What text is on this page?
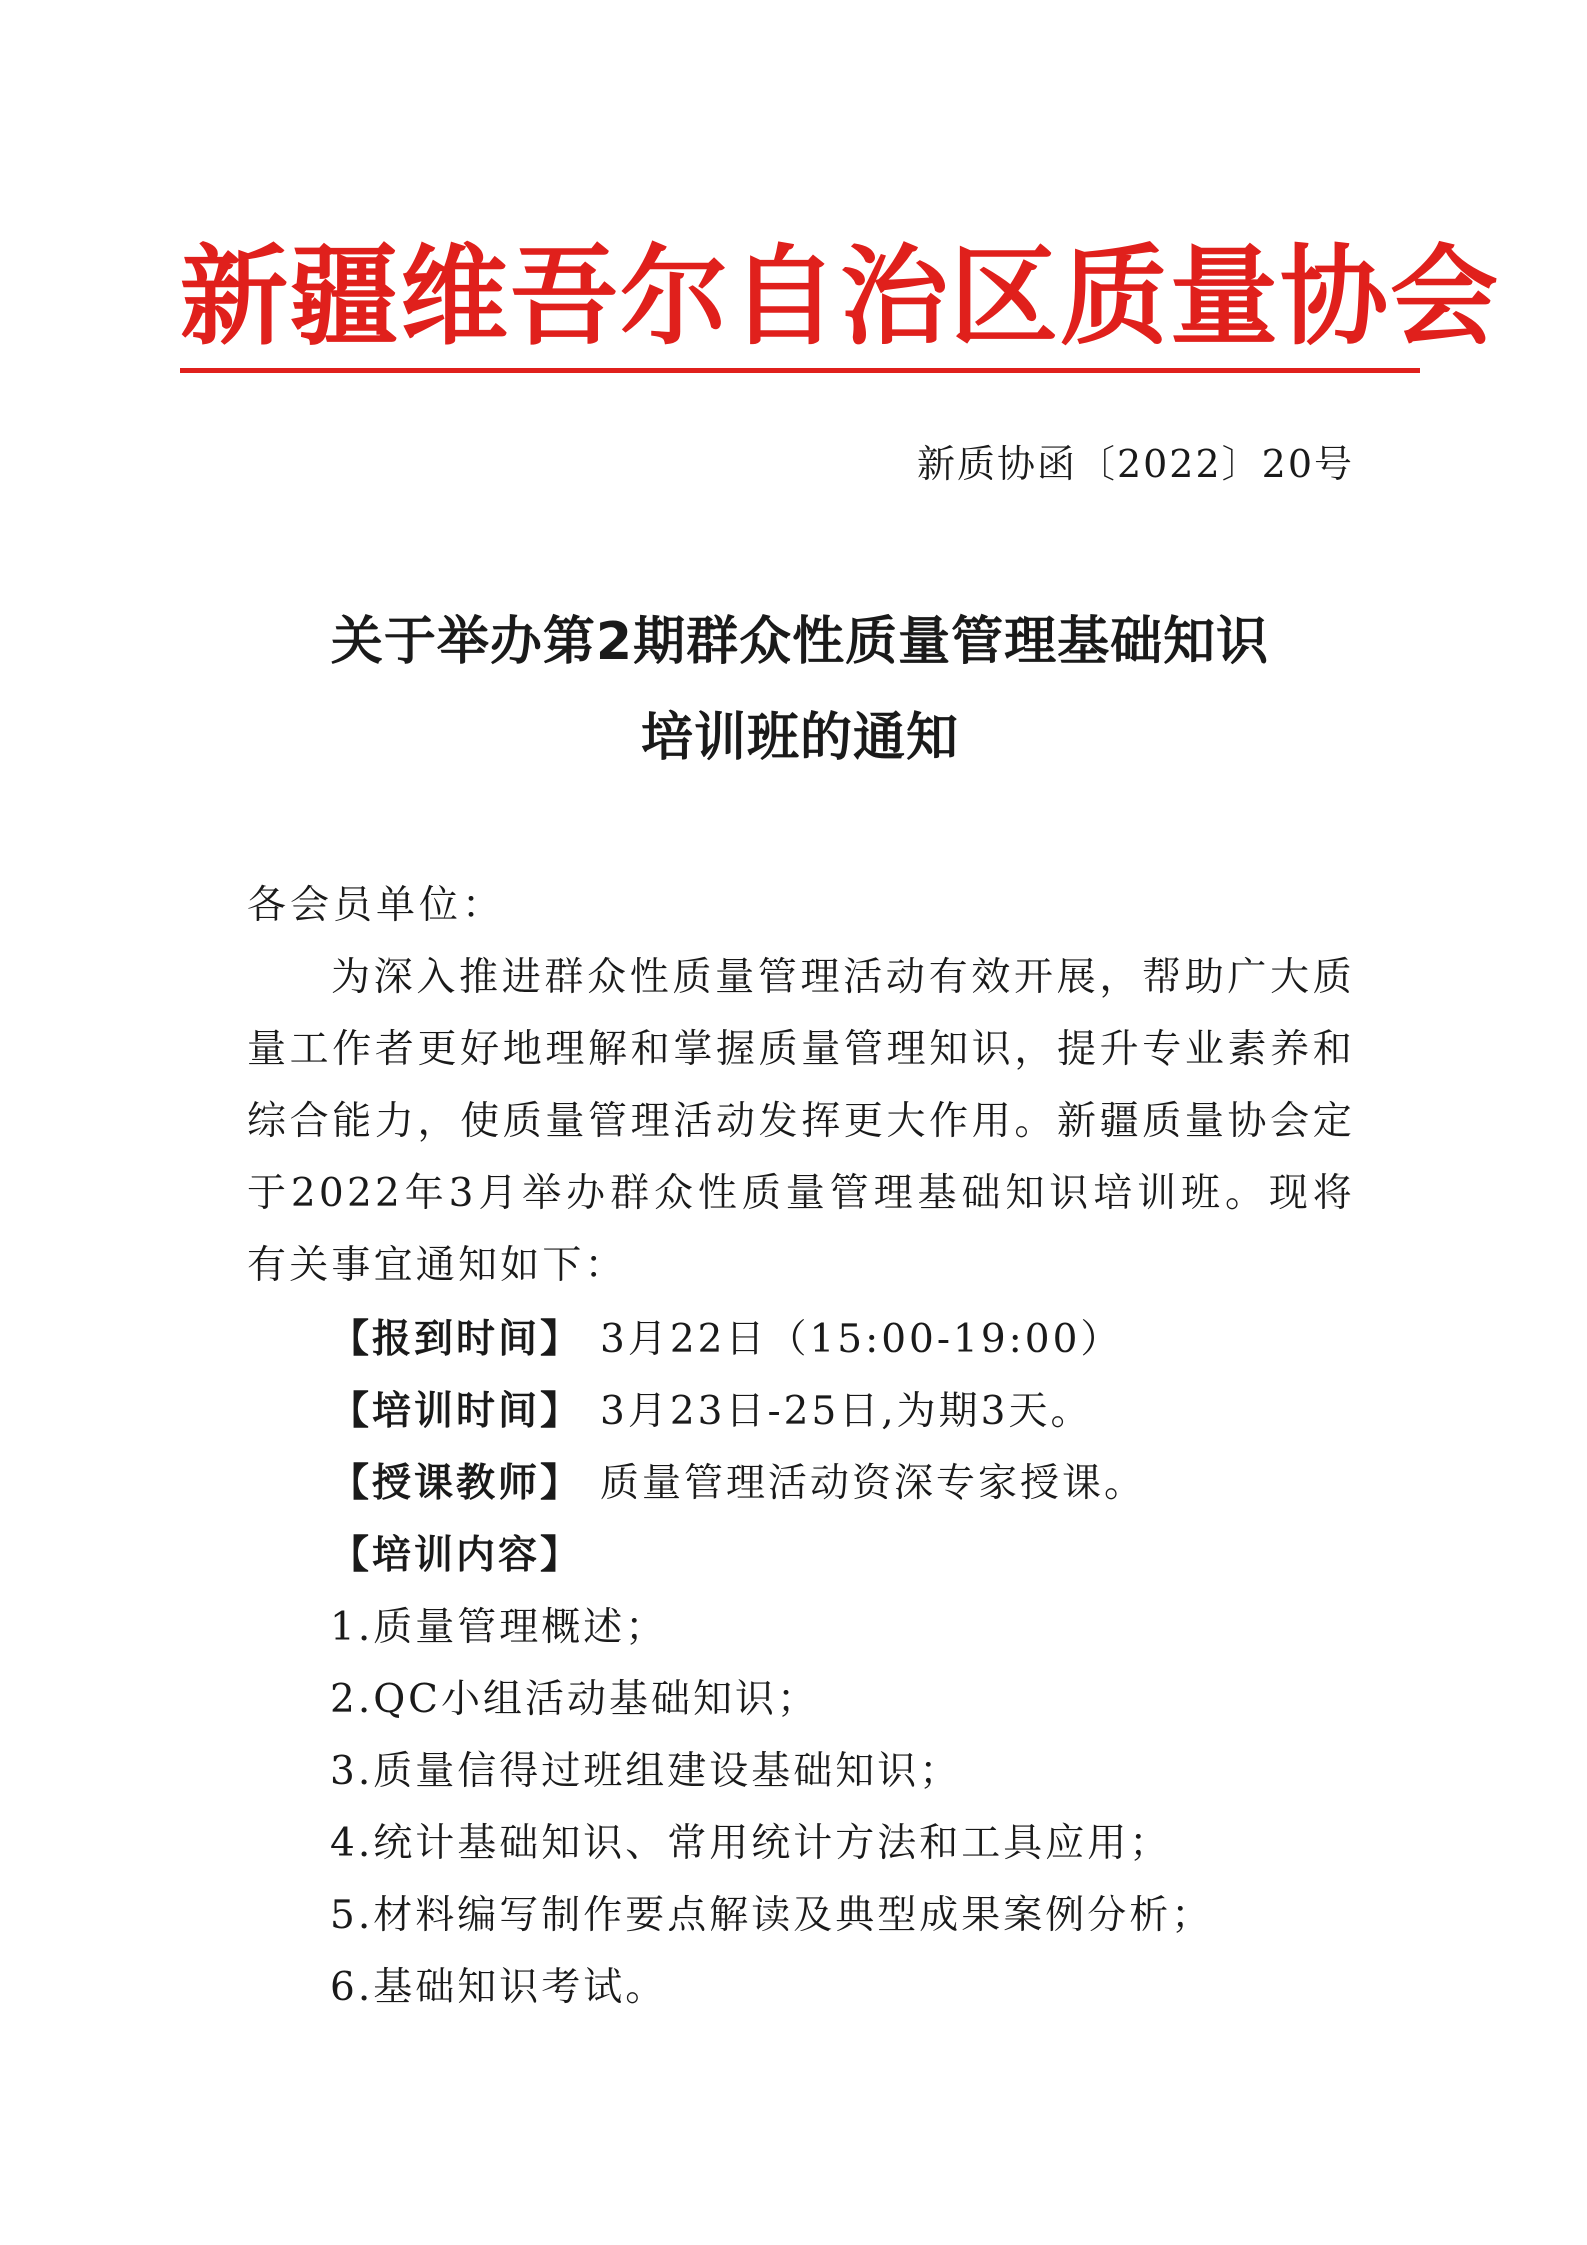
新疆维吾尔自治区质量协会
新质协函〔2022〕20号
关于举办第2期群众性质量管理基础知识
培训班的通知
各会员单位：
为深入推进群众性质量管理活动有效开展，帮助广大质量工作者更好地理解和掌握质量管理知识，提升专业素养和综合能力，使质量管理活动发挥更大作用。新疆质量协会定于2022年3月举办群众性质量管理基础知识培训班。现将有关事宜通知如下：
【报到时间】 3月22日（15:00-19:00）
【培训时间】 3月23日-25日,为期3天。
【授课教师】 质量管理活动资深专家授课。
【培训内容】
1.质量管理概述；
2.QC小组活动基础知识；
3.质量信得过班组建设基础知识；
4.统计基础知识、常用统计方法和工具应用；
5.材料编写制作要点解读及典型成果案例分析；
6.基础知识考试。
